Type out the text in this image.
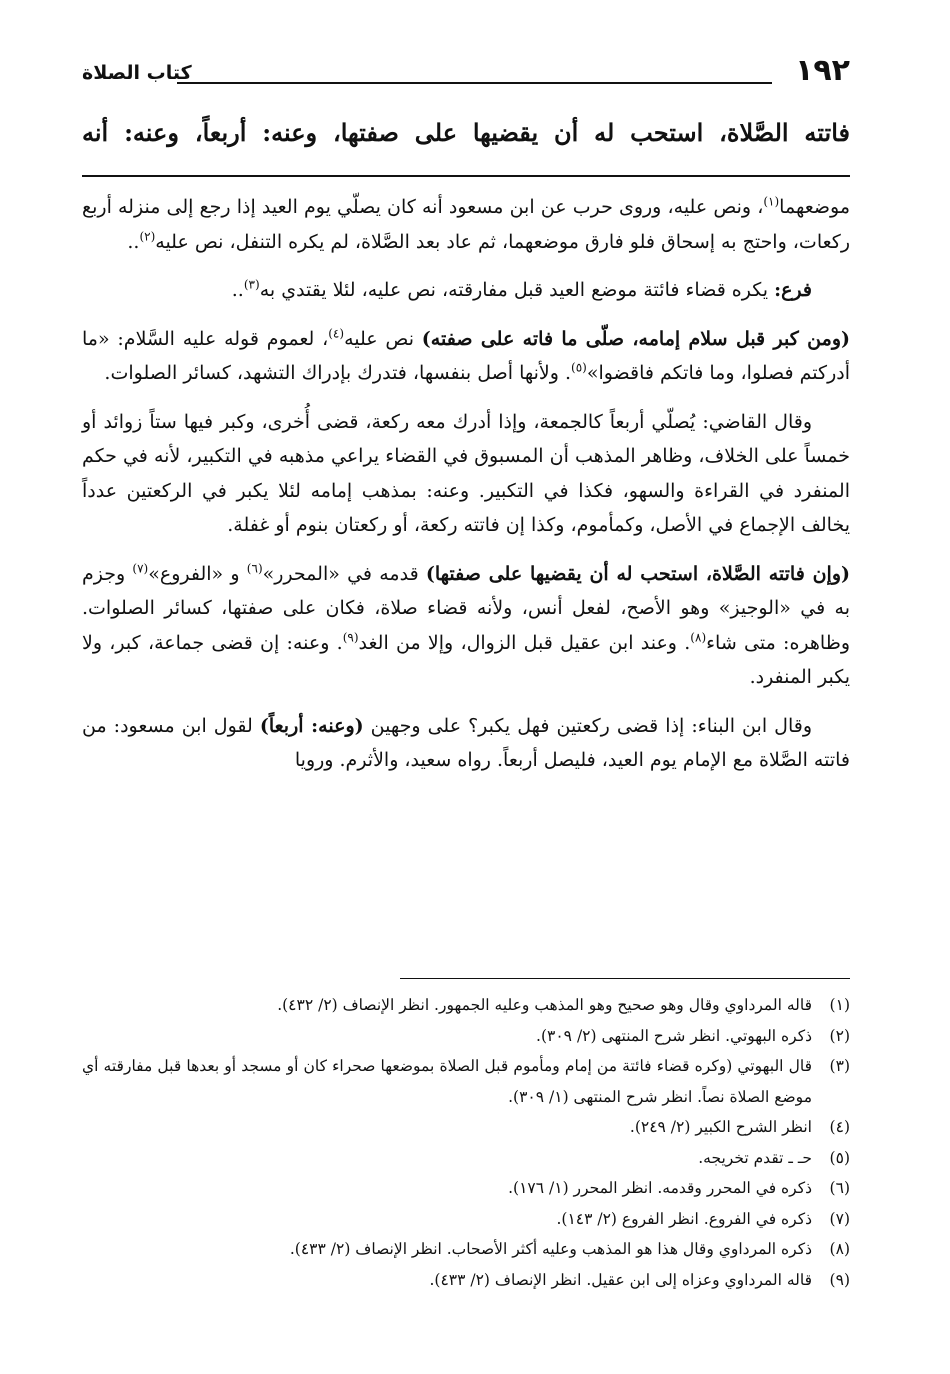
١٩٢
كتاب الصلاة
فاتته الصَّلاة، استحب له أن يقضيها على صفتها، وعنه: أربعاً، وعنه: أنه

موضعهما$^{(١)}$، ونص عليه، وروى حرب عن ابن مسعود أنه كان يصلّي يوم العيد إذا رجع إلى منزله أربع ركعات، واحتج به إسحاق فلو فارق موضعهما، ثم عاد بعد الصَّلاة، لم يكره التنفل، نص عليه$^{(٢)}$..

فرع: يكره قضاء فائتة موضع العيد قبل مفارقته، نص عليه، لئلا يقتدي به$^{(٣)}$..

(ومن كبر قبل سلام إمامه، صلّى ما فاته على صفته) نص عليه$^{(٤)}$، لعموم قوله عليه السَّلام: «ما أدركتم فصلوا، وما فاتكم فاقضوا»$^{(٥)}$. ولأنها أصل بنفسها، فتدرك بإدراك التشهد، كسائر الصلوات.

وقال القاضي: يُصلّي أربعاً كالجمعة، وإذا أدرك معه ركعة، قضى أُخرى، وكبر فيها ستاً زوائد أو خمساً على الخلاف، وظاهر المذهب أن المسبوق في القضاء يراعي مذهبه في التكبير، لأنه في حكم المنفرد في القراءة والسهو، فكذا في التكبير. وعنه: بمذهب إمامه لئلا يكبر في الركعتين عدداً يخالف الإجماع في الأصل، وكمأموم، وكذا إن فاتته ركعة، أو ركعتان بنوم أو غفلة.

(وإن فاتته الصَّلاة، استحب له أن يقضيها على صفتها) قدمه في «المحرر»$^{(٦)}$ و «الفروع»$^{(٧)}$ وجزم به في «الوجيز» وهو الأصح، لفعل أنس، ولأنه قضاء صلاة، فكان على صفتها، كسائر الصلوات. وظاهره: متى شاء$^{(٨)}$. وعند ابن عقيل قبل الزوال، وإلا من الغد$^{(٩)}$. وعنه: إن قضى جماعة، كبر، ولا يكبر المنفرد.

وقال ابن البناء: إذا قضى ركعتين فهل يكبر؟ على وجهين (وعنه: أربعاً) لقول ابن مسعود: من فاتته الصَّلاة مع الإمام يوم العيد، فليصل أربعاً. رواه سعيد، والأثرم. ورويا

(١)
قاله المرداوي وقال وهو صحيح وهو المذهب وعليه الجمهور. انظر الإنصاف (٢/ ٤٣٢).
(٢)
ذكره البهوتي. انظر شرح المنتهى (٢/ ٣٠٩).
(٣)
قال البهوتي (وكره قضاء فائتة من إمام ومأموم قبل الصلاة بموضعها صحراء كان أو مسجد أو بعدها قبل مفارقته أي موضع الصلاة نصاً. انظر شرح المنتهى (١/ ٣٠٩).
(٤)
انظر الشرح الكبير (٢/ ٢٤٩).
(٥)
حـ ـ تقدم تخريجه.
(٦)
ذكره في المحرر وقدمه. انظر المحرر (١/ ١٧٦).
(٧)
ذكره في الفروع. انظر الفروع (٢/ ١٤٣).
(٨)
ذكره المرداوي وقال هذا هو المذهب وعليه أكثر الأصحاب. انظر الإنصاف (٢/ ٤٣٣).
(٩)
قاله المرداوي وعزاه إلى ابن عقيل. انظر الإنصاف (٢/ ٤٣٣).
